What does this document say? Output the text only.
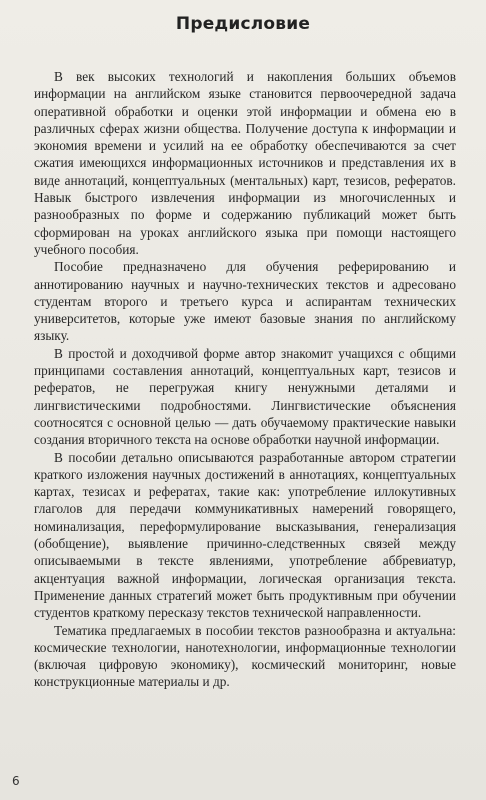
Предисловие

В век высоких технологий и накопления больших объемов информации на английском языке становится первоочередной задача оперативной обработки и оценки этой информации и обмена ею в различных сферах жизни общества. Получение доступа к информации и экономия времени и усилий на ее обработку обеспечиваются за счет сжатия имеющихся информационных источников и представления их в виде аннотаций, концептуальных (ментальных) карт, тезисов, рефератов. Навык быстрого извлечения информации из многочисленных и разнообразных по форме и содержанию публикаций может быть сформирован на уроках английского языка при помощи настоящего учебного пособия.

Пособие предназначено для обучения реферированию и аннотированию научных и научно-технических текстов и адресовано студентам второго и третьего курса и аспирантам технических университетов, которые уже имеют базовые знания по английскому языку.

В простой и доходчивой форме автор знакомит учащихся с общими принципами составления аннотаций, концептуальных карт, тезисов и рефератов, не перегружая книгу ненужными деталями и лингвистическими подробностями. Лингвистические объяснения соотносятся с основной целью — дать обучаемому практические навыки создания вторичного текста на основе обработки научной информации.

В пособии детально описываются разработанные автором стратегии краткого изложения научных достижений в аннотациях, концептуальных картах, тезисах и рефератах, такие как: употребление иллокутивных глаголов для передачи коммуникативных намерений говорящего, номинализация, переформулирование высказывания, генерализация (обобщение), выявление причинно-следственных связей между описываемыми в тексте явлениями, употребление аббревиатур, акцентуация важной информации, логическая организация текста. Применение данных стратегий может быть продуктивным при обучении студентов краткому пересказу текстов технической направленности.

Тематика предлагаемых в пособии текстов разнообразна и актуальна: космические технологии, нанотехнологии, информационные технологии (включая цифровую экономику), космический мониторинг, новые конструкционные материалы и др.

6
